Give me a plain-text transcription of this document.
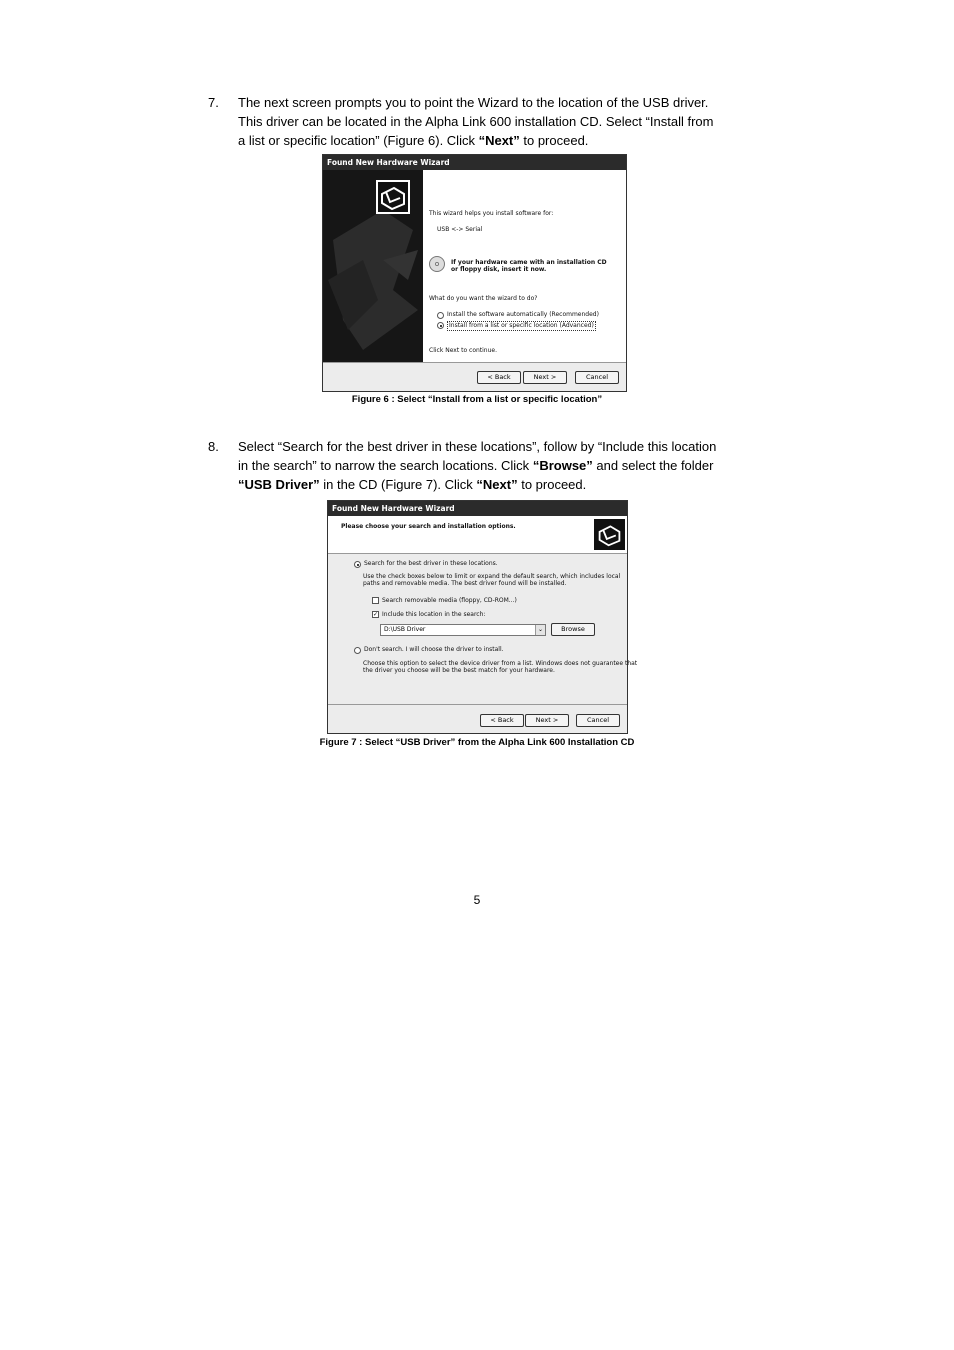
7. The next screen prompts you to point the Wizard to the location of the USB driver.
This driver can be located in the Alpha Link 600 installation CD. Select “Install from
a list or specific location” (Figure 6). Click “Next” to proceed.
Found New Hardware Wizard
This wizard helps you install software for:
USB <-> Serial
If your hardware came with an installation CD
or floppy disk, insert it now.
What do you want the wizard to do?
Install the software automatically (Recommended)
Install from a list or specific location (Advanced)
Click Next to continue.
< Back	Next >	Cancel
Figure 6 : Select “Install from a list or specific location”
8. Select “Search for the best driver in these locations”, follow by “Include this location
in the search” to narrow the search locations. Click “Browse” and select the folder
“USB Driver” in the CD (Figure 7). Click “Next” to proceed.
Found New Hardware Wizard
Please choose your search and installation options.
Search for the best driver in these locations.
Use the check boxes below to limit or expand the default search, which includes local
paths and removable media. The best driver found will be installed.
Search removable media (floppy, CD-ROM...)
✓ Include this location in the search:
D:\USB Driver	⌄	Browse
Don't search. I will choose the driver to install.
Choose this option to select the device driver from a list. Windows does not guarantee that
the driver you choose will be the best match for your hardware.
< Back	Next >	Cancel
Figure 7 : Select “USB Driver” from the Alpha Link 600 Installation CD
5
